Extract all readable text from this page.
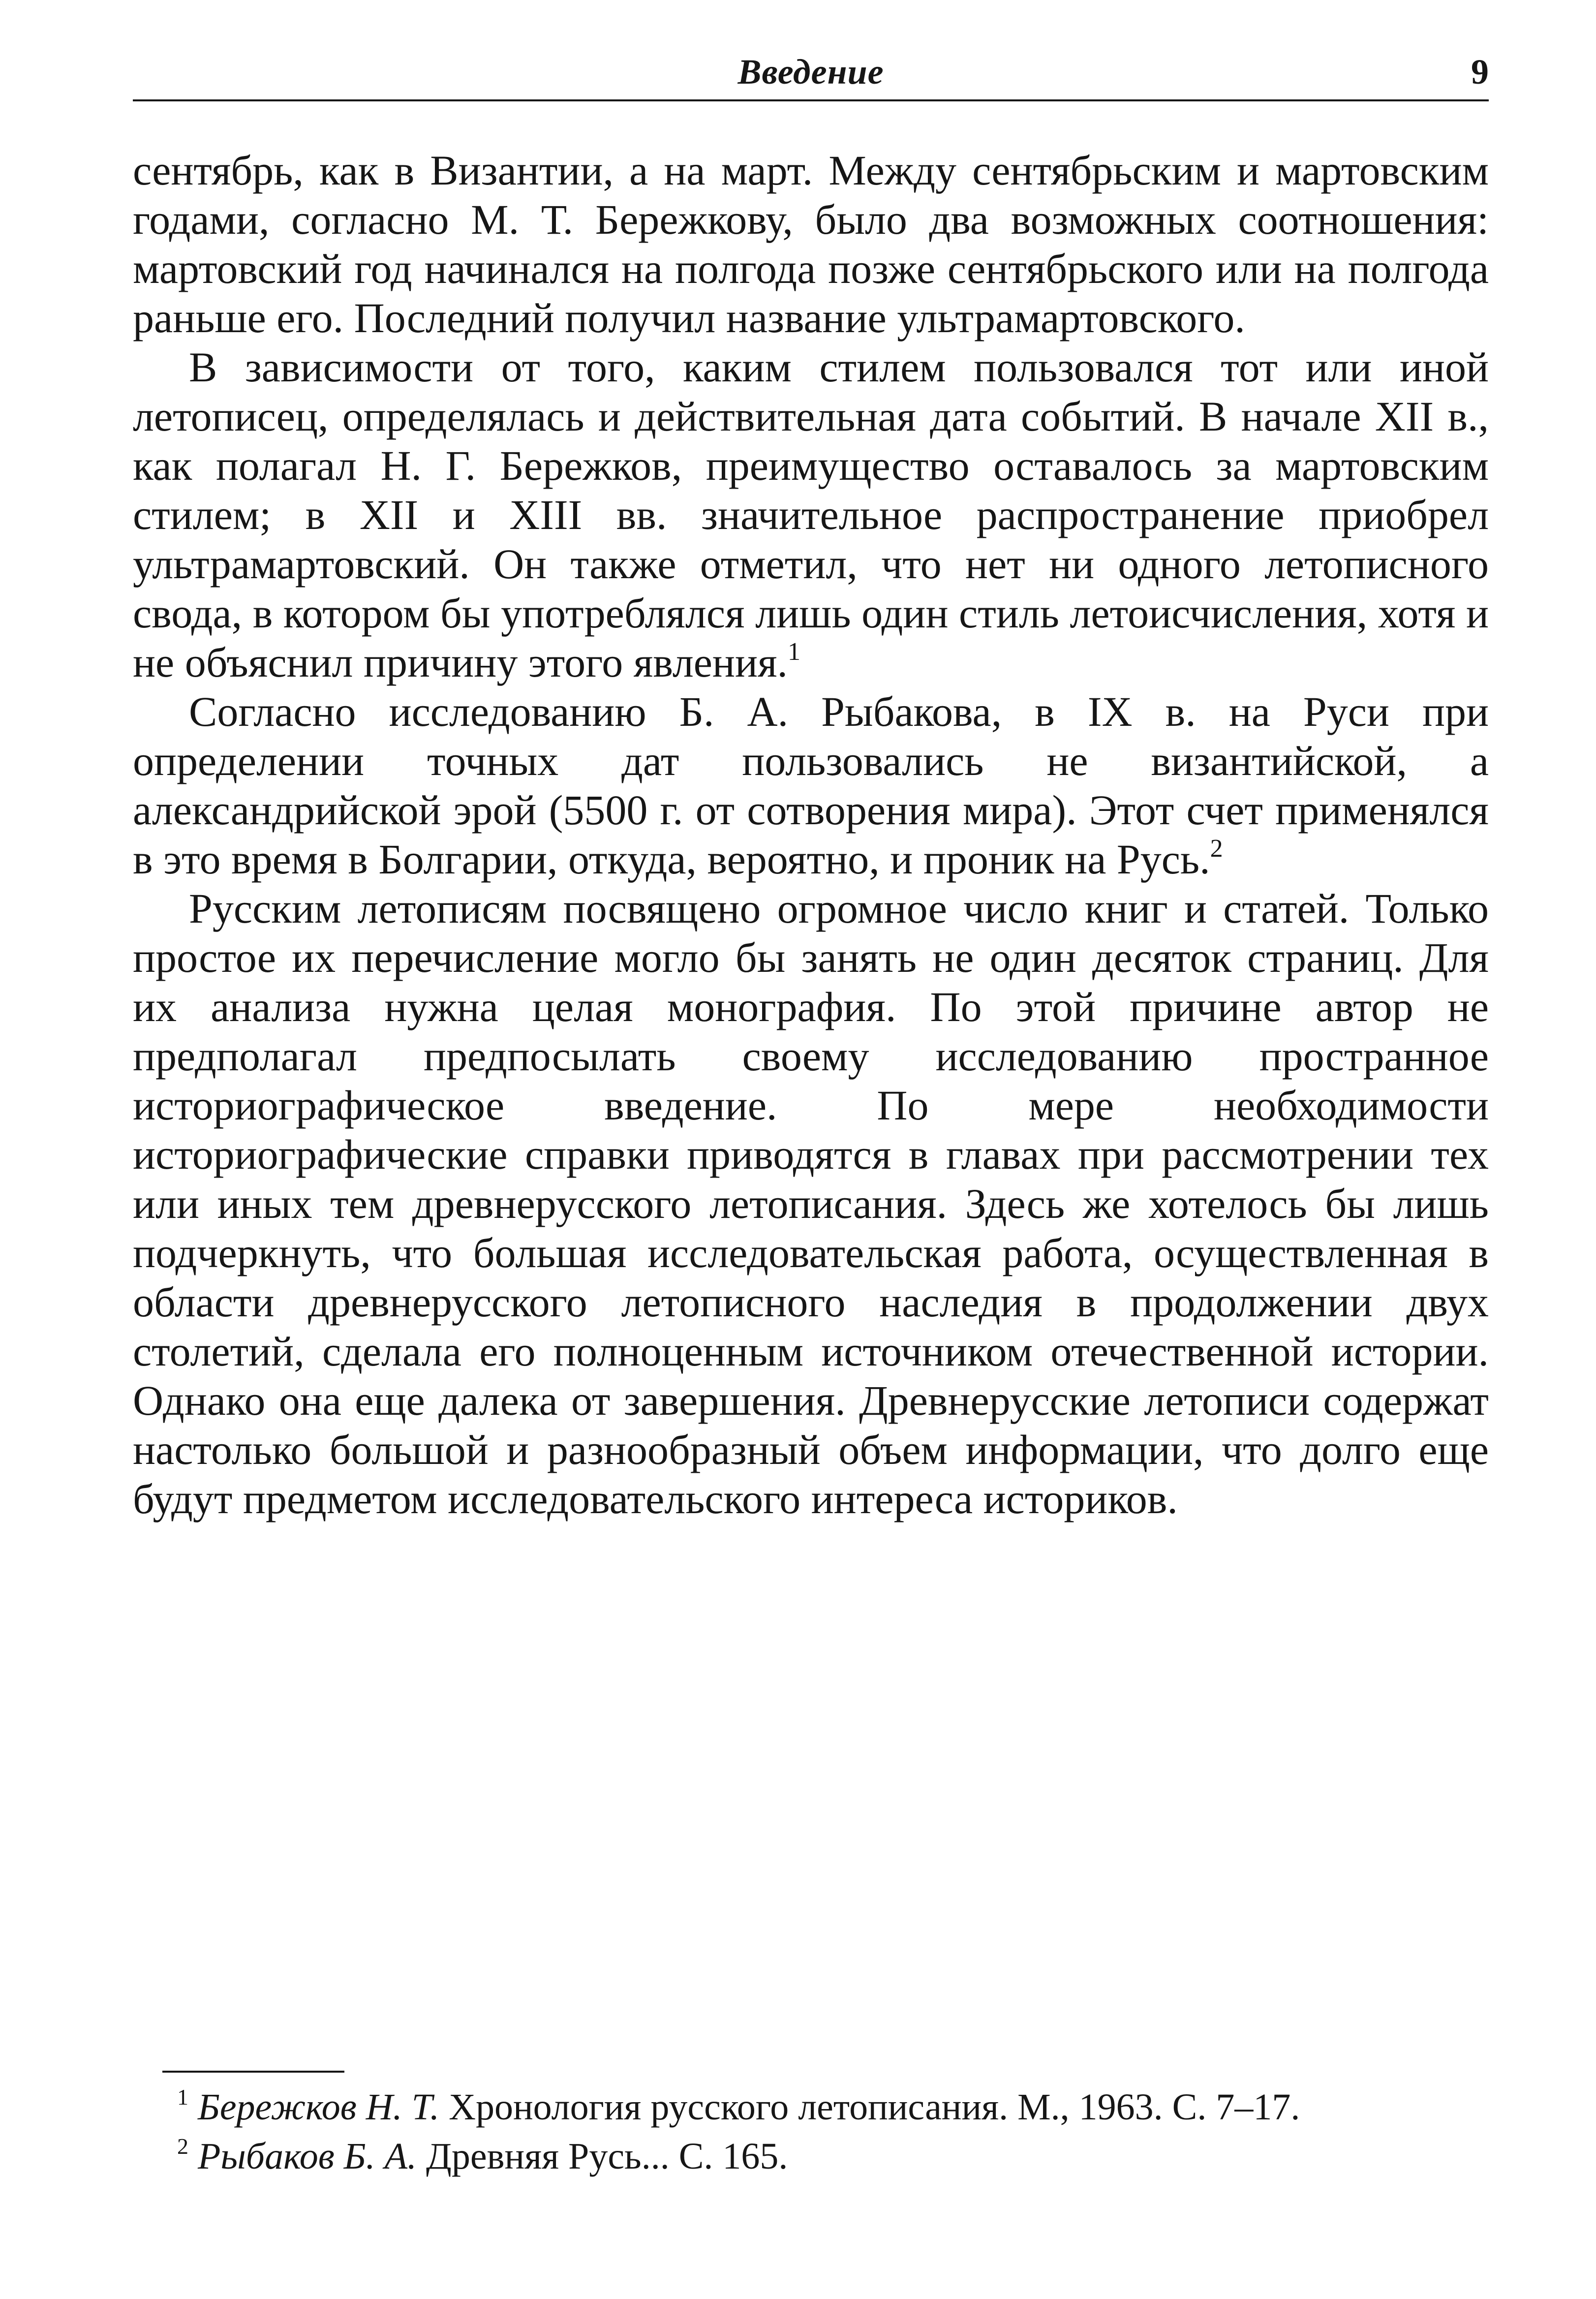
Введение	9

сентябрь, как в Византии, а на март. Между сентябрьским и мартовским годами, согласно М. Т. Бережкову, было два возможных соотношения: мартовский год начинался на полгода позже сентябрьского или на полгода раньше его. Последний получил название ультрамартовского.

В зависимости от того, каким стилем пользовался тот или иной летописец, определялась и действительная дата событий. В начале XII в., как полагал Н. Г. Бережков, преимущество оставалось за мартовским стилем; в XII и XIII вв. значительное распространение приобрел ультрамартовский. Он также отметил, что нет ни одного летописного свода, в котором бы употреблялся лишь один стиль летоисчисления, хотя и не объяснил причину этого явления.$^1$

Согласно исследованию Б. А. Рыбакова, в IX в. на Руси при определении точных дат пользовались не византийской, а александрийской эрой (5500 г. от сотворения мира). Этот счет применялся в это время в Болгарии, откуда, вероятно, и проник на Русь.$^2$

Русским летописям посвящено огромное число книг и статей. Только простое их перечисление могло бы занять не один десяток страниц. Для их анализа нужна целая монография. По этой причине автор не предполагал предпосылать своему исследованию пространное историографическое введение. По мере необходимости историографические справки приводятся в главах при рассмотрении тех или иных тем древнерусского летописания. Здесь же хотелось бы лишь подчеркнуть, что большая исследовательская работа, осуществленная в области древнерусского летописного наследия в продолжении двух столетий, сделала его полноценным источником отечественной истории. Однако она еще далека от завершения. Древнерусские летописи содержат настолько большой и разнообразный объем информации, что долго еще будут предметом исследовательского интереса историков.

$^1$ Бережков Н. Т. Хронология русского летописания. М., 1963. С. 7–17.
$^2$ Рыбаков Б. А. Древняя Русь... С. 165.
